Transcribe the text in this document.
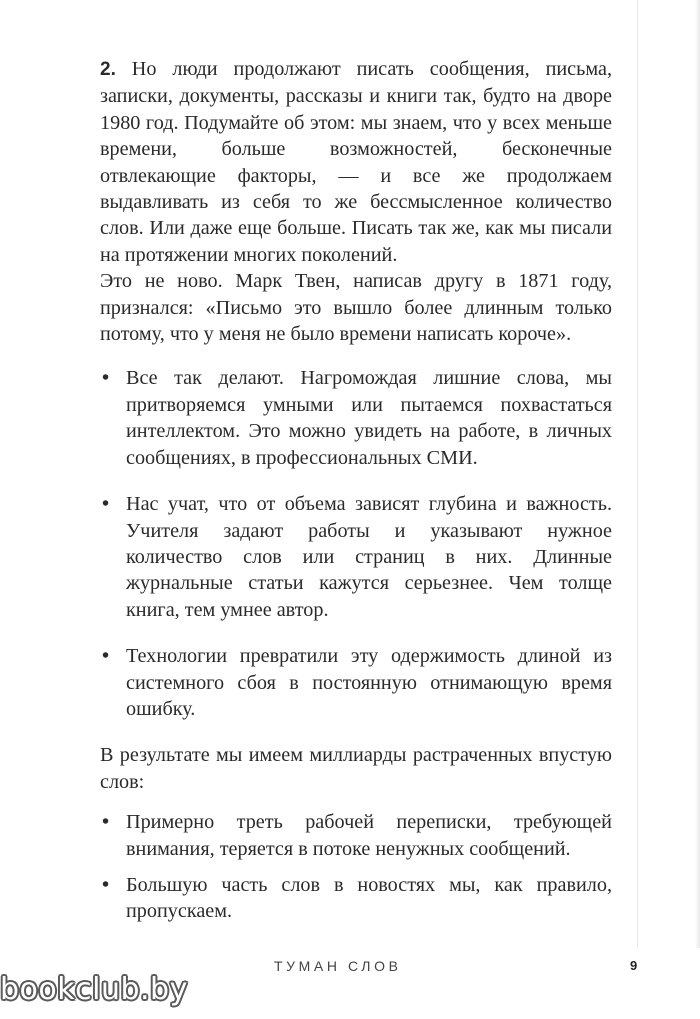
2. Но люди продолжают писать сообщения, письма, записки, документы, рассказы и книги так, будто на дворе 1980 год. Подумайте об этом: мы знаем, что у всех меньше времени, больше возможностей, бесконечные отвлекающие факторы, — и все же продолжаем выдавливать из себя то же бессмысленное количество слов. Или даже еще больше. Писать так же, как мы писали на протяжении многих поколений.

Это не ново. Марк Твен, написав другу в 1871 году, признался: «Письмо это вышло более длинным только потому, что у меня не было времени написать короче».

• Все так делают. Нагромождая лишние слова, мы притворяемся умными или пытаемся похвастаться интеллектом. Это можно увидеть на работе, в личных сообщениях, в профессиональных СМИ.
• Нас учат, что от объема зависят глубина и важность. Учителя задают работы и указывают нужное количество слов или страниц в них. Длинные журнальные статьи кажутся серьезнее. Чем толще книга, тем умнее автор.
• Технологии превратили эту одержимость длиной из системного сбоя в постоянную отнимающую время ошибку.

В результате мы имеем миллиарды растраченных впустую слов:

• Примерно треть рабочей переписки, требующей внимания, теряется в потоке ненужных сообщений.
• Большую часть слов в новостях мы, как правило, пропускаем.
ТУМАН СЛОВ	9
bookclub.by
